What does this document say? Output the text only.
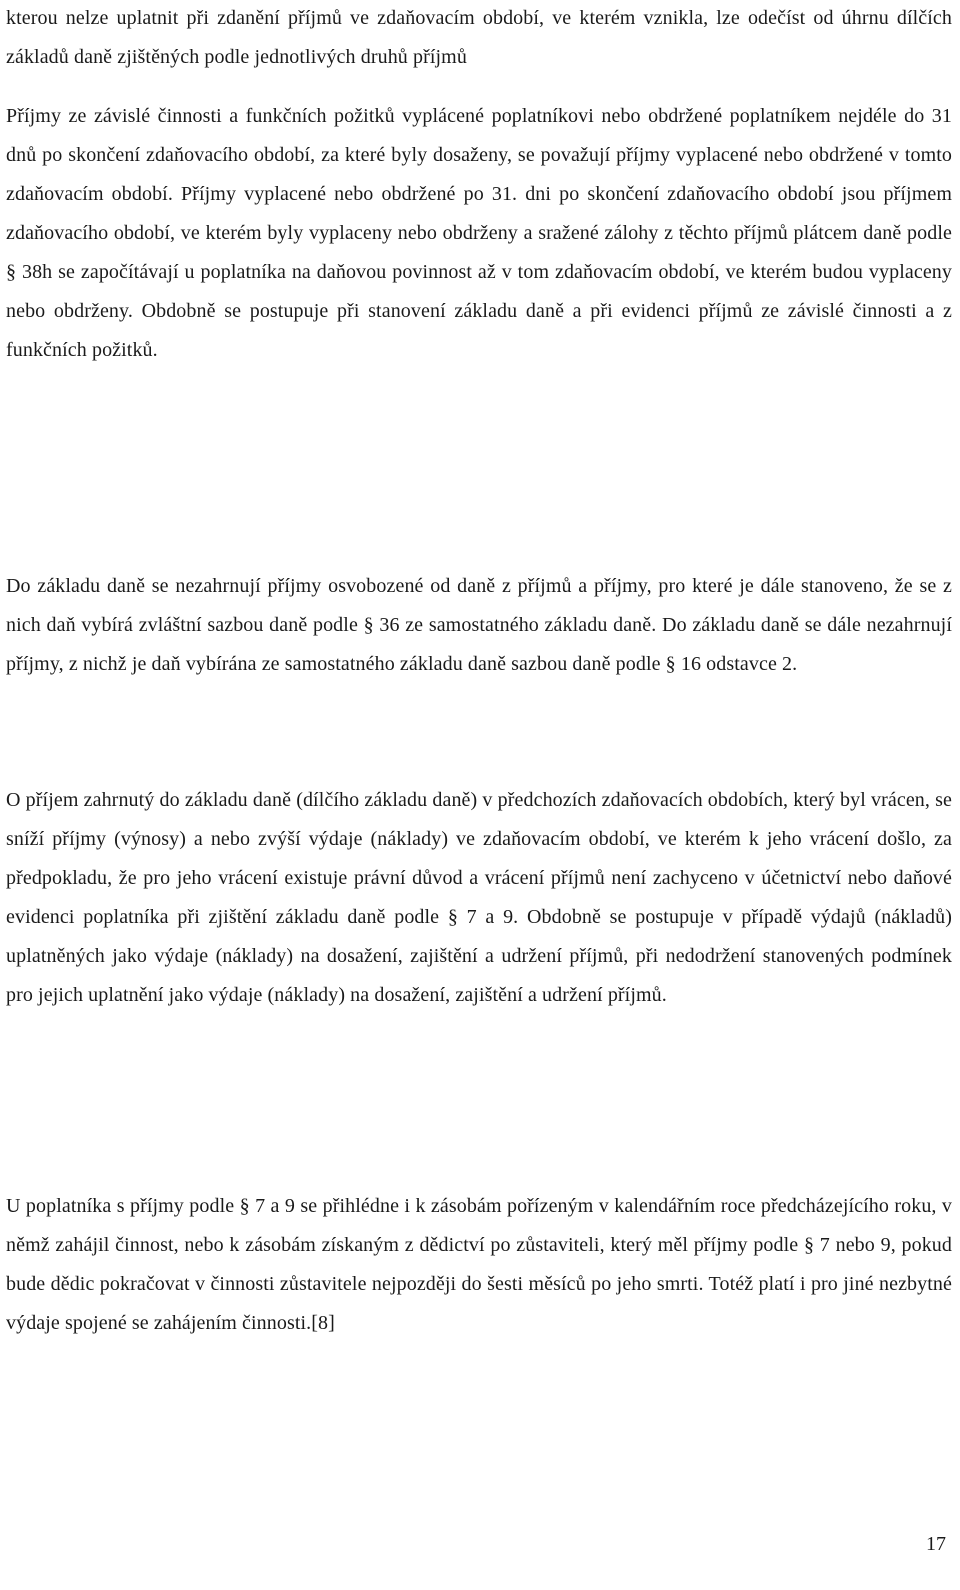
kterou nelze uplatnit při zdanění příjmů ve zdaňovacím období, ve kterém vznikla, lze odečíst od úhrnu dílčích základů daně zjištěných podle jednotlivých druhů příjmů

Příjmy ze závislé činnosti a funkčních požitků vyplácené poplatníkovi nebo obdržené poplatníkem nejdéle do 31 dnů po skončení zdaňovacího období, za které byly dosaženy, se považují příjmy vyplacené nebo obdržené v tomto zdaňovacím období. Příjmy vyplacené nebo obdržené po 31. dni po skončení zdaňovacího období jsou příjmem zdaňovacího období, ve kterém byly vyplaceny nebo obdrženy a sražené zálohy z těchto příjmů plátcem daně podle § 38h se započítávají u poplatníka na daňovou povinnost až v tom zdaňovacím období, ve kterém budou vyplaceny nebo obdrženy. Obdobně se postupuje při stanovení základu daně a při evidenci příjmů ze závislé činnosti a z funkčních požitků.

Do základu daně se nezahrnují příjmy osvobozené od daně z příjmů a příjmy, pro které je dále stanoveno, že se z nich daň vybírá zvláštní sazbou daně podle § 36 ze samostatného základu daně. Do základu daně se dále nezahrnují příjmy, z nichž je daň vybírána ze samostatného základu daně sazbou daně podle § 16 odstavce 2.

O příjem zahrnutý do základu daně (dílčího základu daně) v předchozích zdaňovacích obdobích, který byl vrácen, se sníží příjmy (výnosy) a nebo zvýší výdaje (náklady) ve zdaňovacím období, ve kterém k jeho vrácení došlo, za předpokladu, že pro jeho vrácení existuje právní důvod a vrácení příjmů není zachyceno v účetnictví nebo daňové evidenci poplatníka při zjištění základu daně podle § 7 a 9. Obdobně se postupuje v případě výdajů (nákladů) uplatněných jako výdaje (náklady) na dosažení, zajištění a udržení příjmů, při nedodržení stanovených podmínek pro jejich uplatnění jako výdaje (náklady) na dosažení, zajištění a udržení příjmů.

U poplatníka s příjmy podle § 7 a 9 se přihlédne i k zásobám pořízeným v kalendářním roce předcházejícího roku, v němž zahájil činnost, nebo k zásobám získaným z dědictví po zůstaviteli, který měl příjmy podle § 7 nebo 9, pokud bude dědic pokračovat v činnosti zůstavitele nejpozději do šesti měsíců po jeho smrti. Totéž platí i pro jiné nezbytné výdaje spojené se zahájením činnosti.[8]

17
